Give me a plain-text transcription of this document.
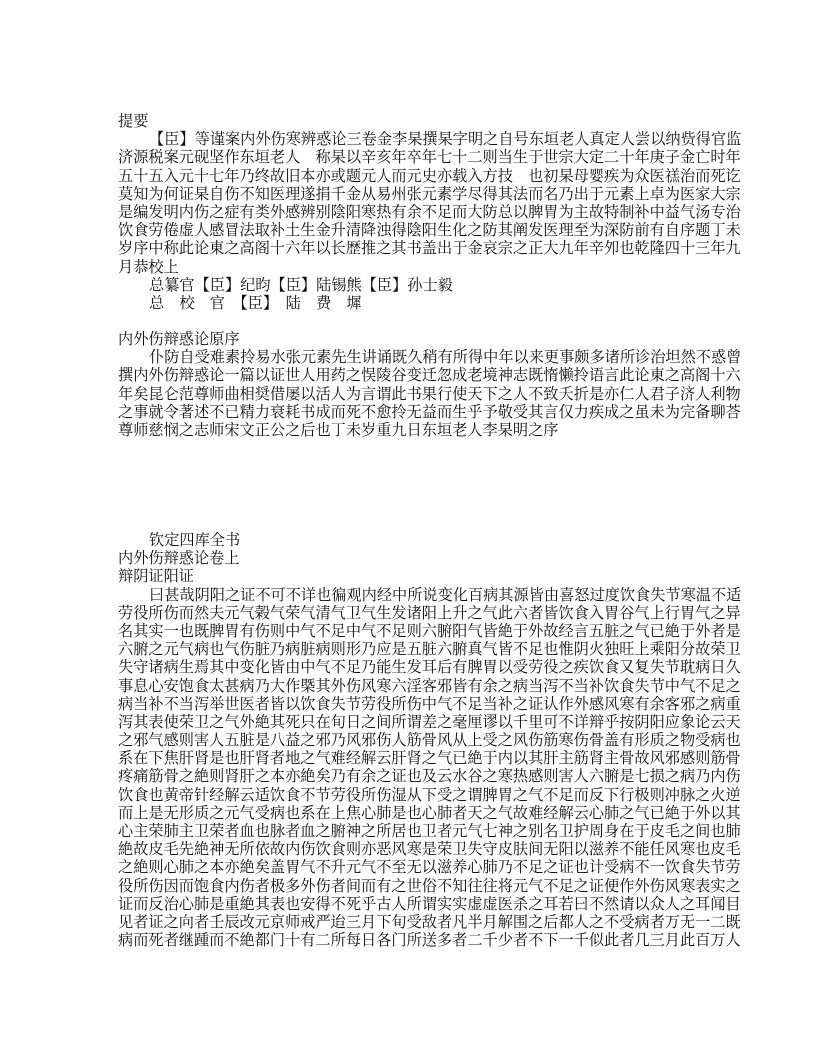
提要
【臣】等谨案内外伤寒辨惑论三卷金李杲撰杲字明之自号东垣老人真定人尝以纳赀得官监
济源税案元砚坚作东垣老人　称杲以辛亥年卒年七十二则当生于世宗大定二十年庚子金亡时年
五十五入元十七年乃终故旧本亦或题元人而元史亦载入方技　也初杲母婴疾为众医禚治而死讫
莫知为何证杲自伤不知医理遂捐千金从易州张元素学尽得其法而名乃出于元素上卓为医家大宗
是编发明内伤之症有类外感辨别陰阳寒热有余不足而大防总以脾胃为主故特制补中益气汤专治
饮食劳倦虚人感冒法取补土生金升清降浊得陰阳生化之防其阐发医理至为深防前有自序题丁未
岁序中称此论東之高阁十六年以长歴推之其书盖出于金哀宗之正大九年辛夘也乾隆四十三年九
月恭校上
总纂官【臣】纪昀【臣】陆锡熊【臣】孙士毅
总　校　官　【臣】　陆　费　墀
内外伤辩惑论原序
仆防自受难素拎易水张元素先生讲诵既久稍有所得中年以来更事颇多诸所诊治坦然不惑曾
撰内外伤辩惑论一篇以证世人用药之悮陵谷变迁忽成老境神志既惰懒拎语言此论東之高阁十六
年矣昆仑范尊师曲相奨借屡以活人为言谓此书果行使天下之人不致夭折是亦仁人君子济人利物
之事就令著述不已精力衰耗书成而死不愈拎无益而生乎予敬受其言仅力疾成之虽未为完备聊荅
尊师慈悯之志师宋文正公之后也丁未岁重九日东垣老人李杲明之序
钦定四库全书
内外伤辩惑论卷上
辩阴证阳证
曰甚哉阴阳之证不可不详也徧观内经中所说变化百病其源皆由喜怒过度饮食失节寒温不适
劳役所伤而然夫元气榖气荣气清气卫气生发诸阳上升之气此六者皆饮食入胃谷气上行胃气之异
名其实一也既脾胃有伤则中气不足中气不足则六腑阳气皆絶于外故经言五脏之气已絶于外者是
六腑之元气病也气伤脏乃病脏病则形乃应是五脏六腑真气皆不足也惟阴火独旺上乘阳分故荣卫
失守诸病生焉其中变化皆由中气不足乃能生发耳后有脾胃以受劳役之疾饮食又复失节耽病日久
事息心安饱食太甚病乃大作槩其外伤风寒六淫客邪皆有余之病当泻不当补饮食失节中气不足之
病当补不当泻举世医者皆以饮食失节劳役所伤中气不足当补之证认作外感风寒有余客邪之病重
泻其表使荣卫之气外絶其死只在旬日之间所谓差之毫厘谬以千里可不详辩乎按阴阳应象论云天
之邪气感则害人五脏是八益之邪乃风邪伤人筋骨风从上受之风伤筋寒伤骨盖有形质之物受病也
系在下焦肝肾是也肝肾者地之气难经解云肝肾之气已絶于内以其肝主筋肾主骨故风邪感则筋骨
疼痛筋骨之絶则肾肝之本亦絶矣乃有余之证也及云水谷之寒热感则害人六腑是七损之病乃内伤
饮食也黄帝针经解云适饮食不节劳役所伤湿从下受之谓脾胃之气不足而反下行极则冲脉之火逆
而上是无形质之元气受病也系在上焦心肺是也心肺者天之气故难经解云心肺之气已絶于外以其
心主荣肺主卫荣者血也脉者血之腑神之所居也卫者元气七神之别名卫护周身在于皮毛之间也肺
絶故皮毛先絶神无所依故内伤饮食则亦恶风寒是荣卫失守皮肤间无阳以滋养不能任风寒也皮毛
之絶则心肺之本亦絶矣盖胃气不升元气不至无以滋养心肺乃不足之证也计受病不一饮食失节劳
役所伤因而饱食内伤者极多外伤者间而有之世俗不知往往将元气不足之证便作外伤风寒表实之
证而反治心肺是重絶其表也安得不死乎古人所谓实实虚虚医杀之耳若曰不然请以众人之耳闻目
见者证之向者壬辰改元京师戒严迨三月下旬受敌者凡半月解围之后都人之不受病者万无一二既
病而死者继踵而不絶都门十有二所每日各门所送多者二千少者不下一千似此者几三月此百万人
